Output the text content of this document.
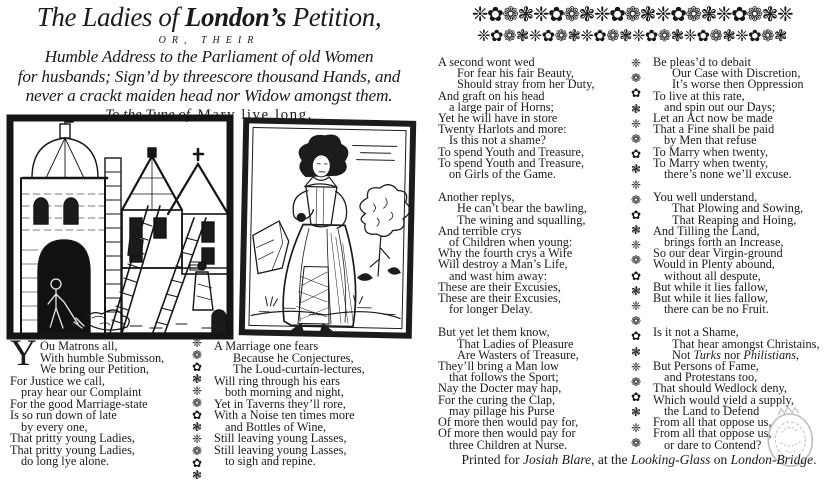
The Ladies of London’s Petition,
OR, THEIR
Humble Address to the Parliament of old Women
for husbands; Sign’d by threescore thousand Hands, and
never a crackt maiden head nor Widow amongst them.
To the Tune of, Mary live long.
Y Ou Matrons all,
With humble Submisson,
We bring our Petition,
For Justice we call,
pray hear our Complaint
For the good Marriage-state
Is so run down of late
by every one,
That pritty young Ladies,
That pritty young Ladies,
do long lye alone.
❈
❁
✿
❃
❈
❁
✿
❃
❈
❁
✿
❃
A Marriage one fears
Because he Conjectures,
The Loud-curtain-lectures,
Will ring through his ears
both morning and night,
Yet in Taverns they’ll rore,
With a Noise ten times more
and Bottles of Wine,
Still leaving young Lasses,
Still leaving young Lasses,
to sigh and repine.
❈✿❁❃❈✿❁❃❈✿❁❃❈✿❁❃❈✿❁❃❈
❈✿❁❃❈✿❁❃❈✿❁❃❈✿❁❃❈✿❁❃❈✿❁❃
A second wont wed
For fear his fair Beauty,
Should stray from her Duty,
And graft on his head
a large pair of Horns;
Yet he will have in store
Twenty Harlots and more:
Is this not a shame?
To spend Youth and Treasure,
To spend Youth and Treasure,
on Girls of the Game.
Another replys,
He can’t bear the bawling,
The wining and squalling,
And terrible crys
of Children when young:
Why the fourth crys a Wife
Will destroy a Man’s Life,
and wast him away:
These are their Excusies,
These are their Excusies,
for longer Delay.
But yet let them know,
That Ladies of Pleasure
Are Wasters of Treasure,
They’ll bring a Man low
that follows the Sport;
Nay the Docter may hap,
For the curing the Clap,
may pillage his Purse
Of more then would pay for,
Of more then would pay for
three Children at Nurse.
❈
❁
✿
❃
❈
❁
✿
❃
❈
❁
✿
❃
❈
❁
✿
❃
❈
❁
✿
❃
❈
❁
✿
❃
❈
❁
Be pleas’d to debait
Our Case with Discretion,
It’s worse then Oppression
To live at this rate,
and spin out our Days;
Let an Act now be made
That a Fine shall be paid
by Men that refuse
To Marry when twenty,
To Marry when twenty,
there’s none we’ll excuse.
You well understand,
That Plowing and Sowing,
That Reaping and Hoing,
And Tilling the Land,
brings forth an Increase,
So our dear Virgin-ground
Would in Plenty abound,
without all despute,
But while it lies fallow,
But while it lies fallow,
there can be no Fruit.
Is it not a Shame,
That hear amongst Christains,
Not Turks nor Philistians,
But Persons of Fame,
and Protestans too,
That should Wedlock deny,
Which would yield a supply,
the Land to Defend
From all that oppose us,
From all that oppose us,
or dare to Contend?
Printed for Josiah Blare, at the Looking-Glass on London-Bridge.
